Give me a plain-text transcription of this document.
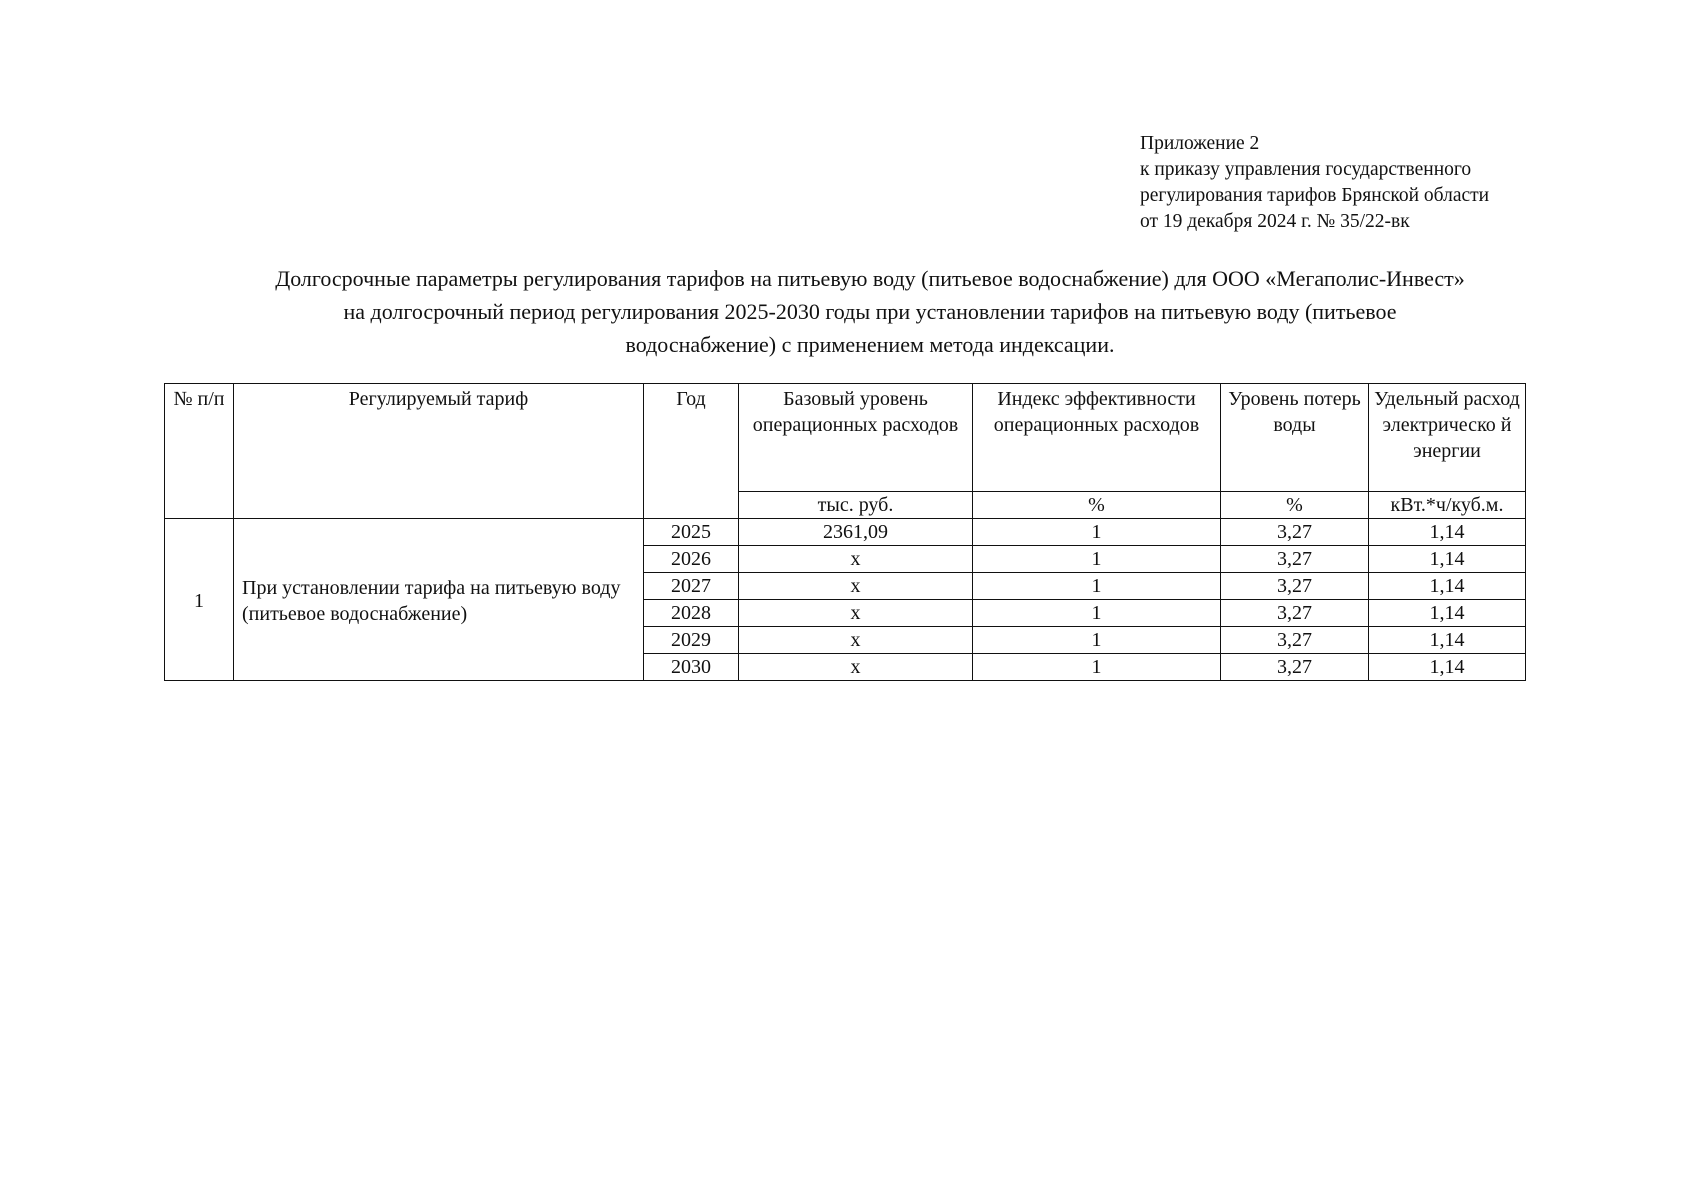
Приложение 2
к приказу управления государственного
регулирования тарифов Брянской области
от 19 декабря 2024 г. № 35/22-вк
Долгосрочные параметры регулирования тарифов на питьевую воду (питьевое водоснабжение) для ООО «Мегаполис-Инвест»
на долгосрочный период регулирования 2025-2030 годы при установлении тарифов на питьевую воду (питьевое
водоснабжение) с применением метода индексации.
№ п/п	Регулируемый тариф	Год	Базовый уровень операционных расходов	Индекс эффективности операционных расходов	Уровень потерь воды	Удельный расход электрическо й энергии
			тыс. руб.	%	%	кВт.*ч/куб.м.
1	При установлении тарифа на питьевую воду (питьевое водоснабжение)	2025	2361,09	1	3,27	1,14
		2026	х	1	3,27	1,14
		2027	х	1	3,27	1,14
		2028	х	1	3,27	1,14
		2029	х	1	3,27	1,14
		2030	х	1	3,27	1,14
